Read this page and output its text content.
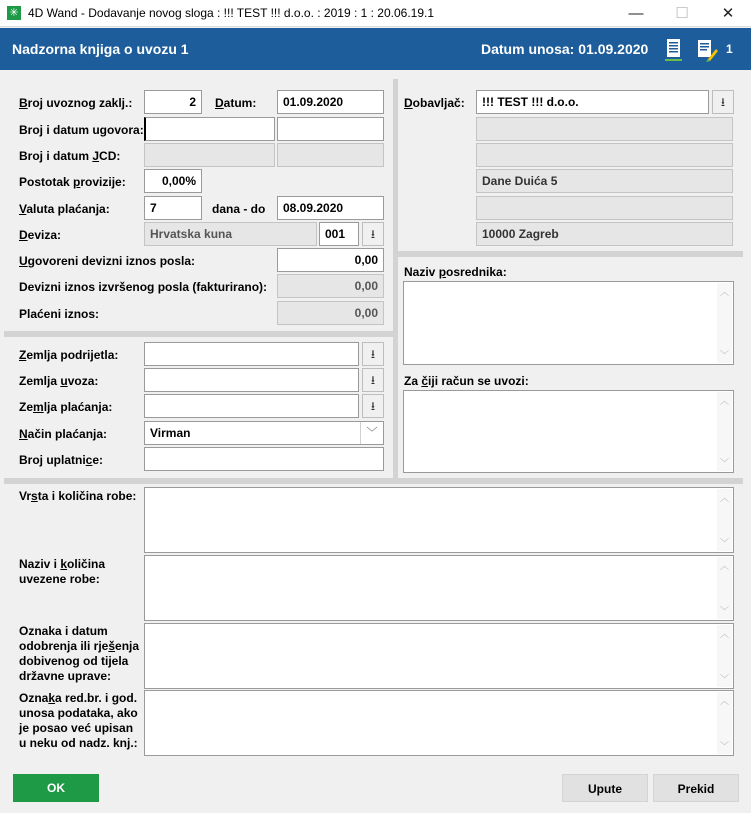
✳ 4D Wand - Dodavanje novog sloga : !!! TEST !!! d.o.o. : 2019 : 1 : 20.06.19.1	—	☐	✕
Nadzorna knjiga o uvozu 1	Datum unosa: 01.09.2020	1
Broj uvoznog zaklj.:	2	Datum:	01.09.2020
Broj i datum ugovora:
Broj i datum JCD:
Postotak provizije:	0,00%
Valuta plaćanja:	7	dana - do	08.09.2020
Deviza:	Hrvatska kuna	001	⭳
Ugovoreni devizni iznos posla:	0,00
Devizni iznos izvršenog posla (fakturirano):	0,00
Plaćeni iznos:	0,00
Zemlja podrijetla:	⭳
Zemlja uvoza:	⭳
Zemlja plaćanja:	⭳
Način plaćanja:	Virman	﹀
Broj uplatnice:
Dobavljač:	!!! TEST !!! d.o.o.	⭳
Dane Duića 5
10000 Zagreb
Naziv posrednika:
︿
﹀
Za čiji račun se uvozi:
︿
﹀
Vrsta i količina robe:	︿
﹀
Naziv i količina uvezene robe:
︿
﹀
Oznaka i datum odobrenja ili rješenja dobivenog od tijela državne uprave:
︿
﹀
Oznaka red.br. i god. unosa podataka, ako je posao već upisan u neku od nadz. knj.:
︿
﹀
OK	Upute	Prekid
